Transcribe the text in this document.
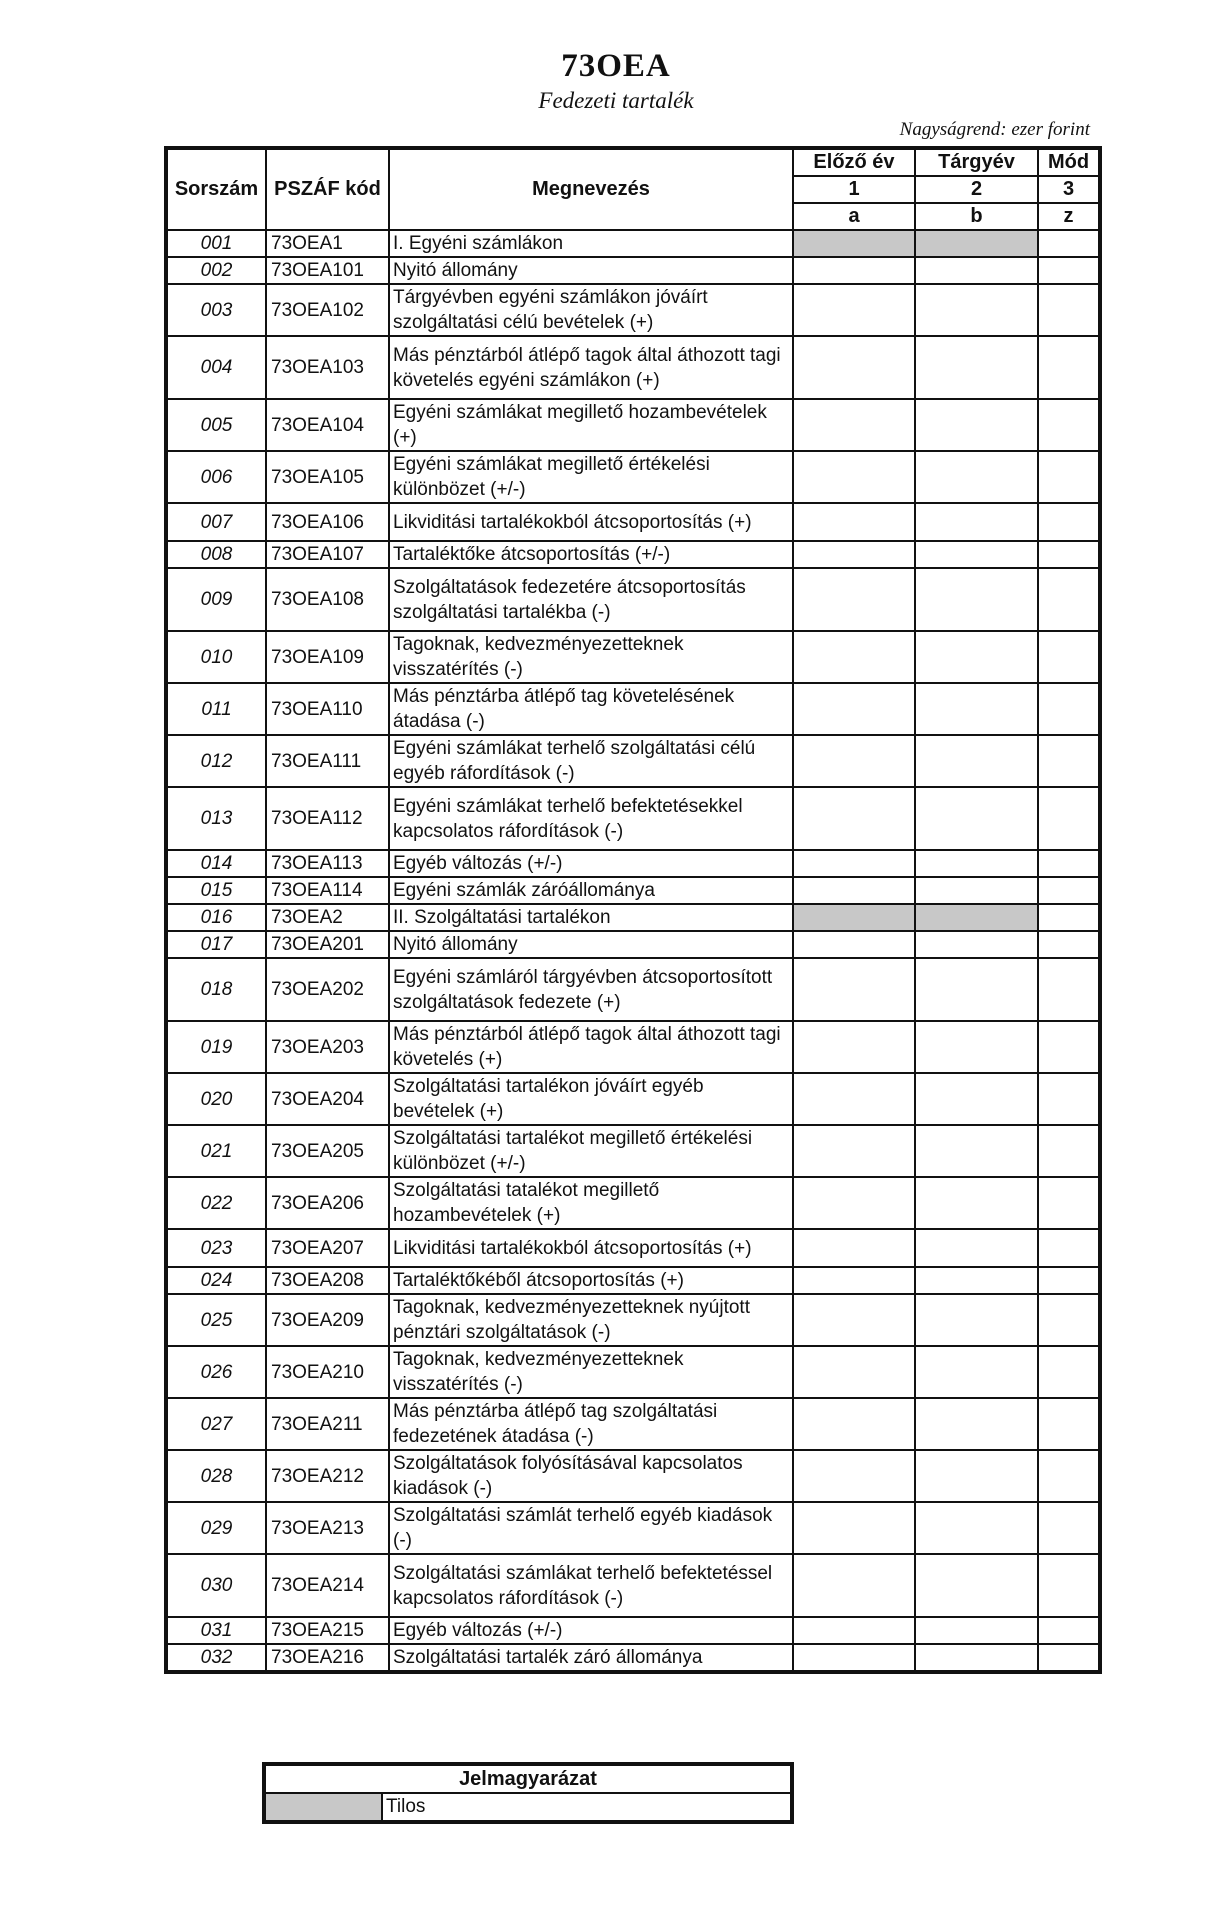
73OEA
Fedezeti tartalék
Nagyságrend: ezer forint
Sorszám	PSZÁF kód	Megnevezés	Előző év	Tárgyév	Mód
			1	2	3
			a	b	z
001	73OEA1	I. Egyéni számlákon			
002	73OEA101	Nyitó állomány			
003	73OEA102	Tárgyévben egyéni számlákon jóváírt szolgáltatási célú bevételek (+)			
004	73OEA103	Más pénztárból átlépő tagok által áthozott tagi követelés egyéni számlákon (+)			
005	73OEA104	Egyéni számlákat megillető hozambevételek (+)			
006	73OEA105	Egyéni számlákat megillető értékelési különbözet (+/-)			
007	73OEA106	Likviditási tartalékokból átcsoportosítás (+)			
008	73OEA107	Tartaléktőke átcsoportosítás (+/-)			
009	73OEA108	Szolgáltatások fedezetére átcsoportosítás szolgáltatási tartalékba (-)			
010	73OEA109	Tagoknak, kedvezményezetteknek visszatérítés (-)			
011	73OEA110	Más pénztárba átlépő tag követelésének átadása (-)			
012	73OEA111	Egyéni számlákat terhelő szolgáltatási célú egyéb ráfordítások (-)			
013	73OEA112	Egyéni számlákat terhelő befektetésekkel kapcsolatos ráfordítások (-)			
014	73OEA113	Egyéb változás (+/-)			
015	73OEA114	Egyéni számlák záróállománya			
016	73OEA2	II. Szolgáltatási tartalékon			
017	73OEA201	Nyitó állomány			
018	73OEA202	Egyéni számláról tárgyévben átcsoportosított szolgáltatások fedezete (+)			
019	73OEA203	Más pénztárból átlépő tagok által áthozott tagi követelés (+)			
020	73OEA204	Szolgáltatási tartalékon jóváírt egyéb bevételek (+)			
021	73OEA205	Szolgáltatási tartalékot megillető értékelési különbözet (+/-)			
022	73OEA206	Szolgáltatási tatalékot megillető hozambevételek (+)			
023	73OEA207	Likviditási tartalékokból átcsoportosítás (+)			
024	73OEA208	Tartaléktőkéből átcsoportosítás (+)			
025	73OEA209	Tagoknak, kedvezményezetteknek nyújtott pénztári szolgáltatások (-)			
026	73OEA210	Tagoknak, kedvezményezetteknek visszatérítés (-)			
027	73OEA211	Más pénztárba átlépő tag szolgáltatási fedezetének átadása (-)			
028	73OEA212	Szolgáltatások folyósításával kapcsolatos kiadások (-)			
029	73OEA213	Szolgáltatási számlát terhelő egyéb kiadások (-)			
030	73OEA214	Szolgáltatási számlákat terhelő befektetéssel kapcsolatos ráfordítások (-)			
031	73OEA215	Egyéb változás (+/-)			
032	73OEA216	Szolgáltatási tartalék záró állománya			
Jelmagyarázat
	Tilos
